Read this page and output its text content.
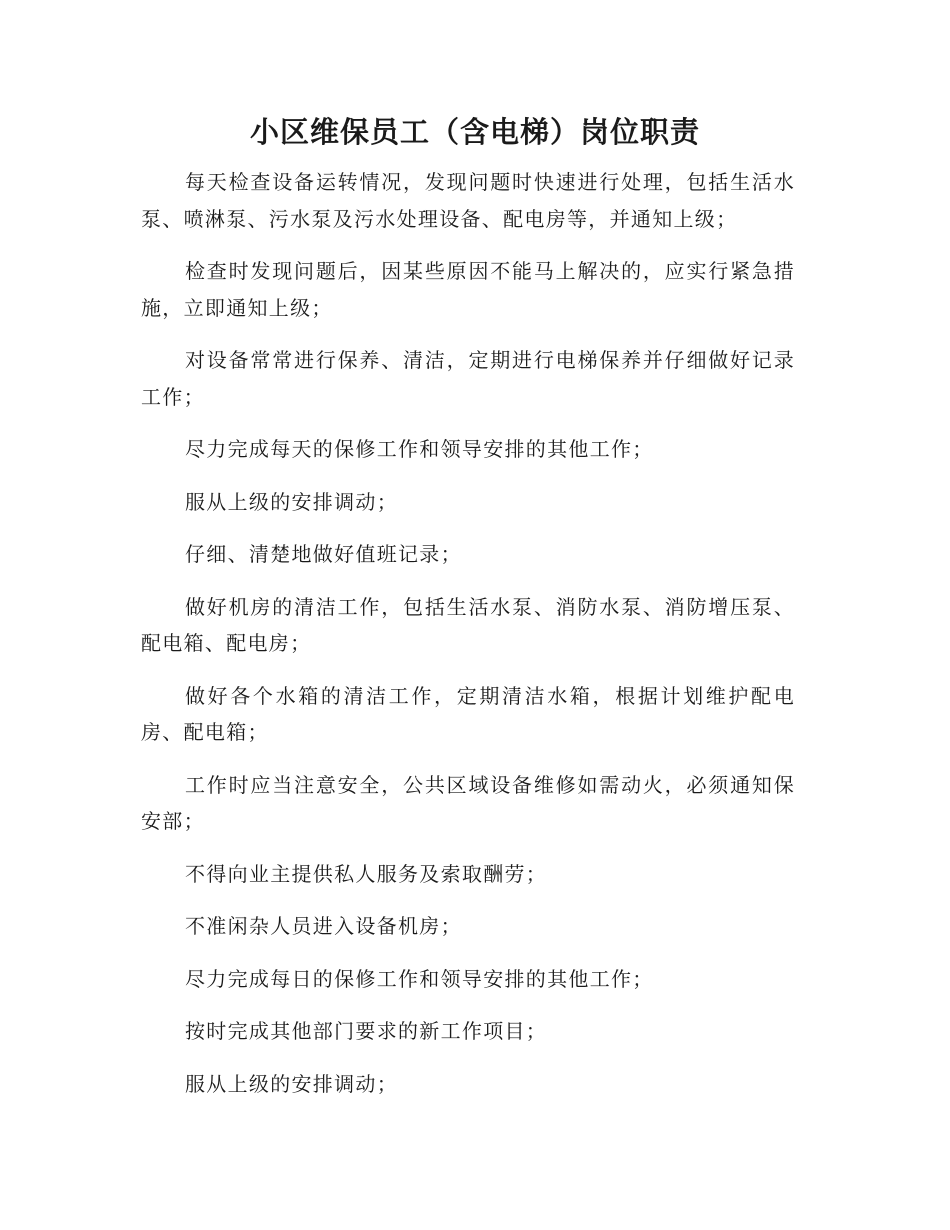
小区维保员工（含电梯）岗位职责

每天检查设备运转情况，发现问题时快速进行处理，包括生活水泵、喷淋泵、污水泵及污水处理设备、配电房等，并通知上级；

检查时发现问题后，因某些原因不能马上解决的，应实行紧急措施，立即通知上级；

对设备常常进行保养、清洁，定期进行电梯保养并仔细做好记录工作；

尽力完成每天的保修工作和领导安排的其他工作；

服从上级的安排调动；

仔细、清楚地做好值班记录；

做好机房的清洁工作，包括生活水泵、消防水泵、消防增压泵、配电箱、配电房；

做好各个水箱的清洁工作，定期清洁水箱，根据计划维护配电房、配电箱；

工作时应当注意安全，公共区域设备维修如需动火，必须通知保安部；

不得向业主提供私人服务及索取酬劳；

不准闲杂人员进入设备机房；

尽力完成每日的保修工作和领导安排的其他工作；

按时完成其他部门要求的新工作项目；

服从上级的安排调动；
